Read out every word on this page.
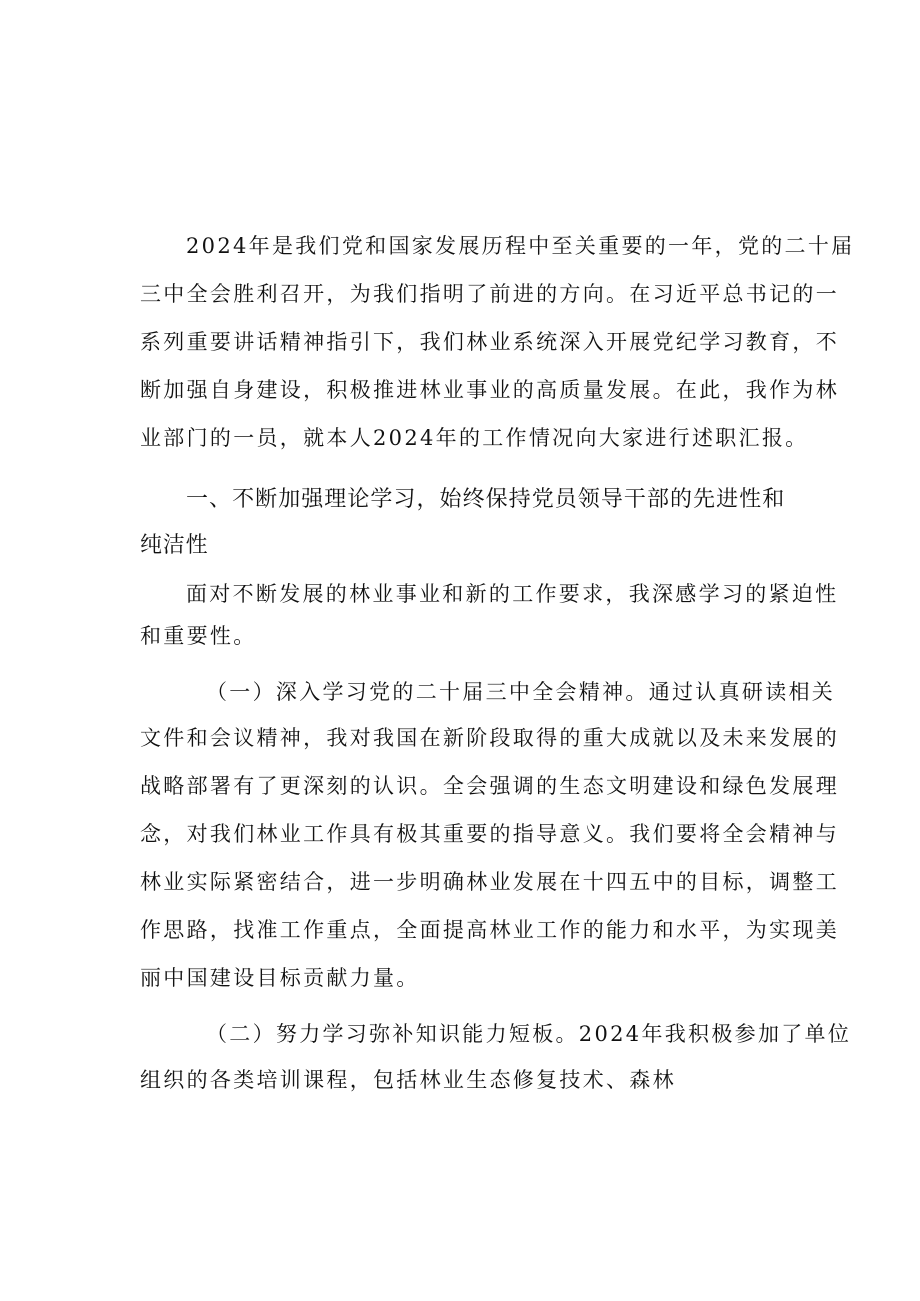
2024年是我们党和国家发展历程中至关重要的一年，党的二十届
三中全会胜利召开，为我们指明了前进的方向。在习近平总书记的一
系列重要讲话精神指引下，我们林业系统深入开展党纪学习教育，不
断加强自身建设，积极推进林业事业的高质量发展。在此，我作为林
业部门的一员，就本人2024年的工作情况向大家进行述职汇报。
一、不断加强理论学习，始终保持党员领导干部的先进性和
纯洁性
面对不断发展的林业事业和新的工作要求，我深感学习的紧迫性
和重要性。
（一）深入学习党的二十届三中全会精神。通过认真研读相关
文件和会议精神，我对我国在新阶段取得的重大成就以及未来发展的
战略部署有了更深刻的认识。全会强调的生态文明建设和绿色发展理
念，对我们林业工作具有极其重要的指导意义。我们要将全会精神与
林业实际紧密结合，进一步明确林业发展在十四五中的目标，调整工
作思路，找准工作重点，全面提高林业工作的能力和水平，为实现美
丽中国建设目标贡献力量。
（二）努力学习弥补知识能力短板。2024年我积极参加了单位
组织的各类培训课程，包括林业生态修复技术、森林
